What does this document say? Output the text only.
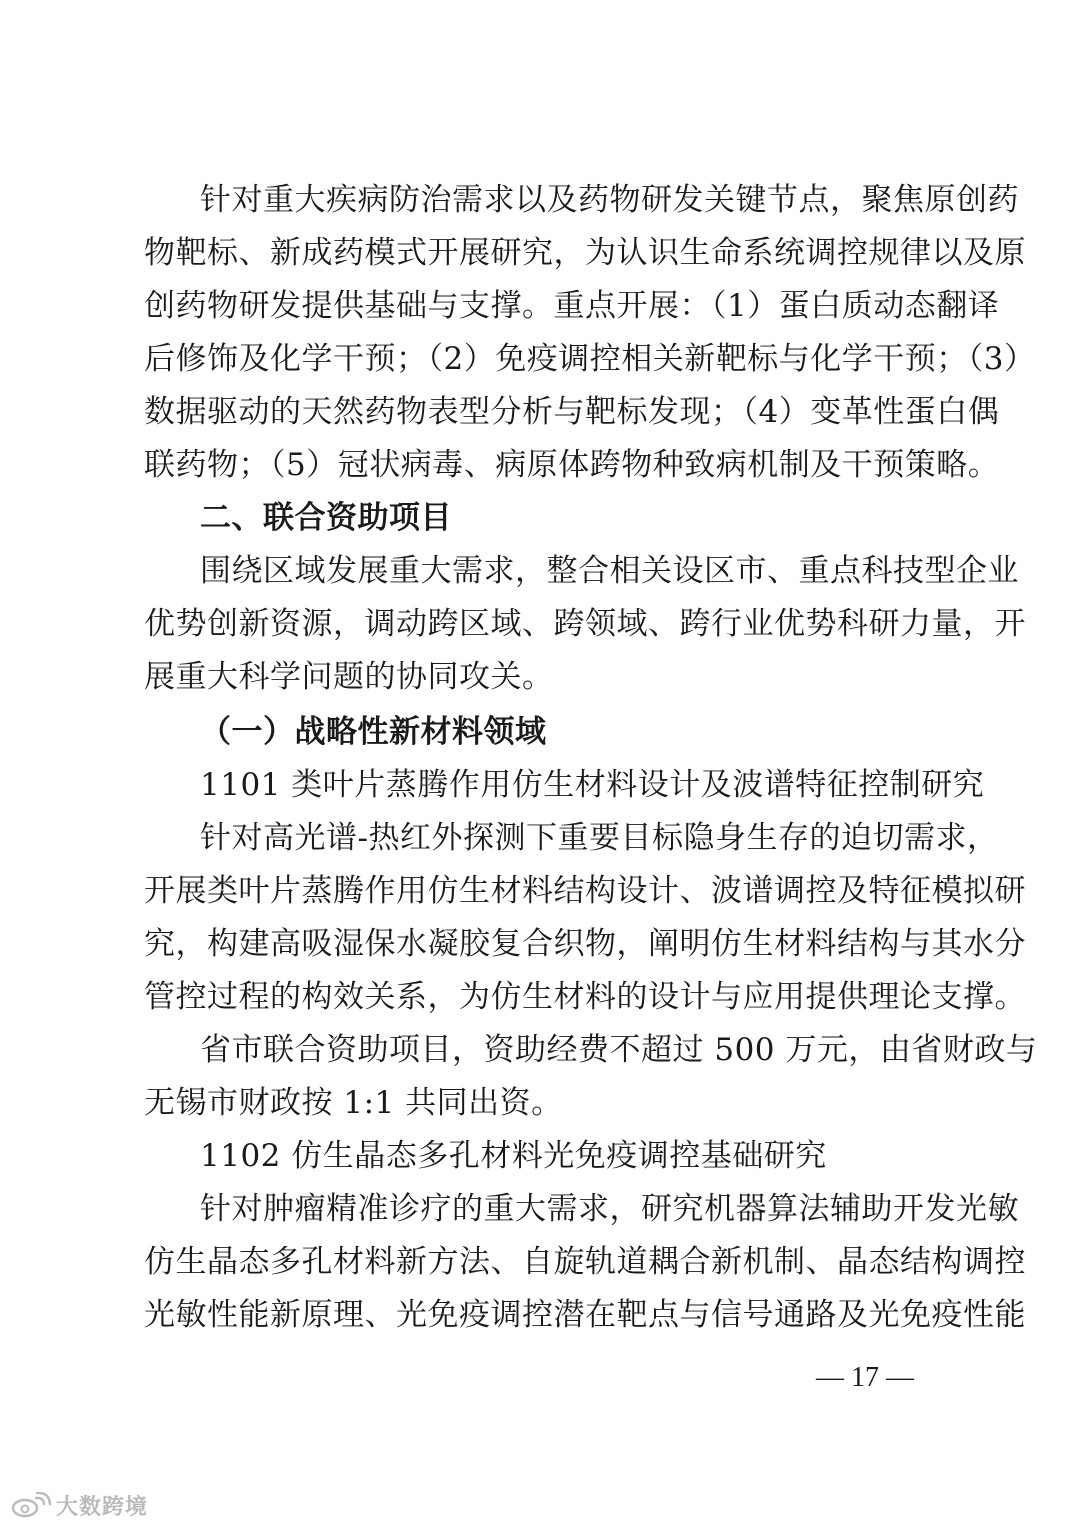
针对重大疾病防治需求以及药物研发关键节点，聚焦原创药
物靶标、新成药模式开展研究，为认识生命系统调控规律以及原
创药物研发提供基础与支撑。重点开展：（1）蛋白质动态翻译
后修饰及化学干预；（2）免疫调控相关新靶标与化学干预；（3）
数据驱动的天然药物表型分析与靶标发现；（4）变革性蛋白偶
联药物；（5）冠状病毒、病原体跨物种致病机制及干预策略。
二、联合资助项目
围绕区域发展重大需求，整合相关设区市、重点科技型企业
优势创新资源，调动跨区域、跨领域、跨行业优势科研力量，开
展重大科学问题的协同攻关。
（一）战略性新材料领域
1101 类叶片蒸腾作用仿生材料设计及波谱特征控制研究
针对高光谱-热红外探测下重要目标隐身生存的迫切需求，
开展类叶片蒸腾作用仿生材料结构设计、波谱调控及特征模拟研
究，构建高吸湿保水凝胶复合织物，阐明仿生材料结构与其水分
管控过程的构效关系，为仿生材料的设计与应用提供理论支撑。
省市联合资助项目，资助经费不超过 500 万元，由省财政与
无锡市财政按 1:1 共同出资。
1102 仿生晶态多孔材料光免疫调控基础研究
针对肿瘤精准诊疗的重大需求，研究机器算法辅助开发光敏
仿生晶态多孔材料新方法、自旋轨道耦合新机制、晶态结构调控
光敏性能新原理、光免疫调控潜在靶点与信号通路及光免疫性能
— 17 —
大数跨境
